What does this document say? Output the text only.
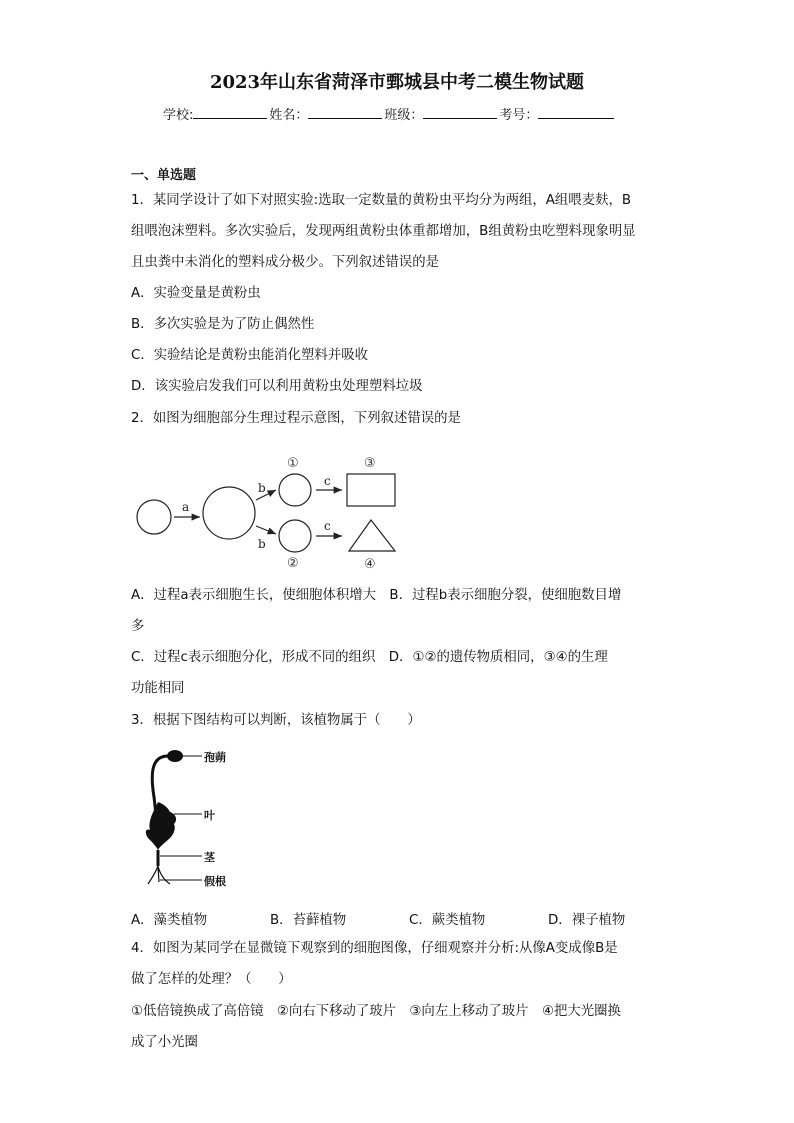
2023年山东省菏泽市鄄城县中考二模生物试题
学校:	姓名：	班级：	考号：
一、单选题
1．某同学设计了如下对照实验:选取一定数量的黄粉虫平均分为两组，A组喂麦麸，B
组喂泡沫塑料。多次实验后，发现两组黄粉虫体重都增加，B组黄粉虫吃塑料现象明显
且虫粪中未消化的塑料成分极少。下列叙述错误的是
A．实验变量是黄粉虫
B．多次实验是为了防止偶然性
C．实验结论是黄粉虫能消化塑料并吸收
D．该实验启发我们可以利用黄粉虫处理塑料垃圾
2．如图为细胞部分生理过程示意图，下列叙述错误的是
a
b
b
c
c
①
②
③
④
A．过程a表示细胞生长，使细胞体积增大　B．过程b表示细胞分裂，使细胞数目增
多
C．过程c表示细胞分化，形成不同的组织　D．①②的遗传物质相同，③④的生理
功能相同
3．根据下图结构可以判断，该植物属于（　　）
孢蒴
叶
茎
假根
A．藻类植物	B．苔藓植物	C．蕨类植物	D．裸子植物
4．如图为某同学在显微镜下观察到的细胞图像，仔细观察并分析:从像A变成像B是
做了怎样的处理？（　　）
①低倍镜换成了高倍镜　②向右下移动了玻片　③向左上移动了玻片　④把大光圈换
成了小光圈
